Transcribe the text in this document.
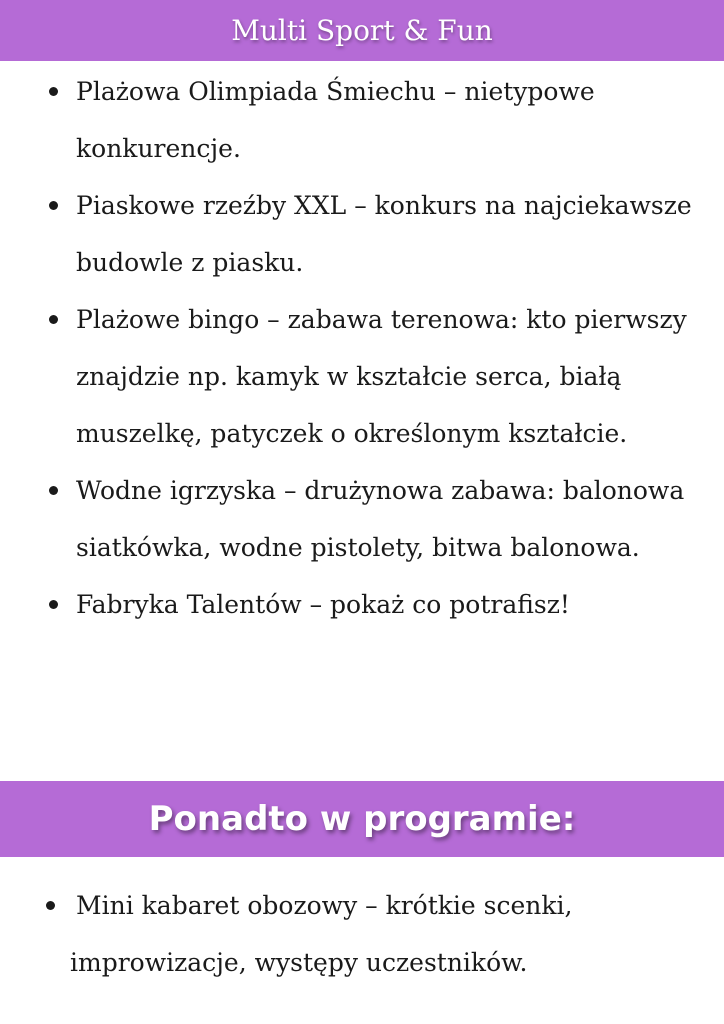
Multi Sport & Fun
Plażowa Olimpiada Śmiechu – nietypowe konkurencje.
Piaskowe rzeźby XXL – konkurs na najciekawsze budowle z piasku.
Plażowe bingo – zabawa terenowa: kto pierwszy znajdzie np. kamyk w kształcie serca, białą muszelkę, patyczek o określonym kształcie.
Wodne igrzyska – drużynowa zabawa: balonowa siatkówka, wodne pistolety, bitwa balonowa.
Fabryka Talentów – pokaż co potrafisz!
Ponadto w programie:
Mini kabaret obozowy – krótkie scenki, improwizacje, występy uczestników.
